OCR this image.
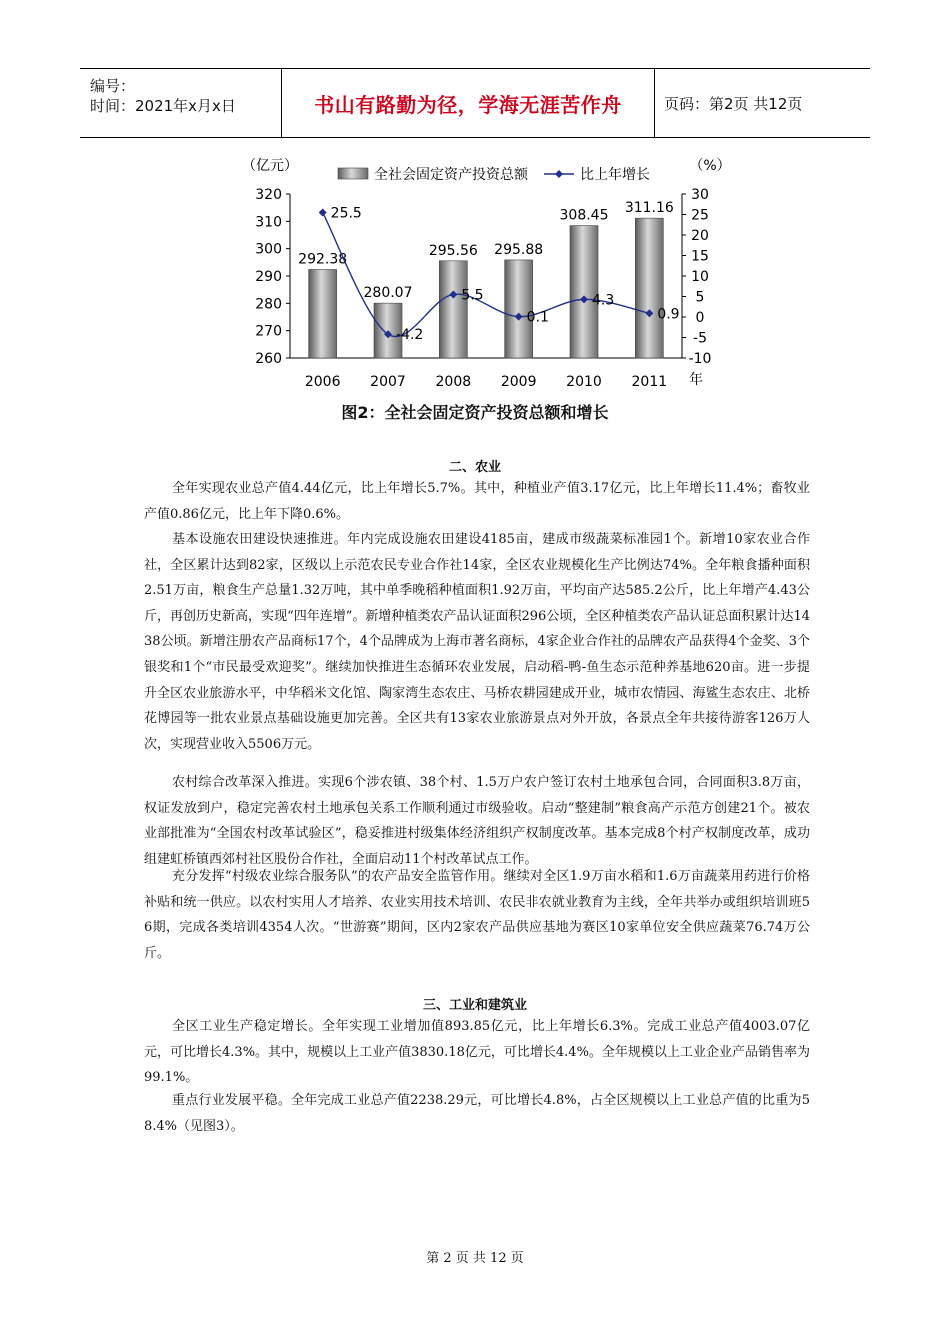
编号：
时间：2021年x月x日	书山有路勤为径，学海无涯苦作舟	页码：第2页 共12页
260
270
280
290
300
310
320
-10
-5
0
5
10
15
20
25
30
（亿元）	（%）
292.38
280.07
295.56 295.88
308.45 311.16
2006 2007 2008 2009 2010 2011 年
25.5
-4.2
5.5
0.1
4.3
0.9
全社会固定资产投资总额	比上年增长
图2：全社会固定资产投资总额和增长
二、农业
全年实现农业总产值4.44亿元，比上年增长5.7%。其中，种植业产值3.17亿元，比上年增长11.4%；畜牧业产值0.86亿元，比上年下降0.6%。
基本设施农田建设快速推进。年内完成设施农田建设4185亩，建成市级蔬菜标准园1个。新增10家农业合作社，全区累计达到82家，区级以上示范农民专业合作社14家，全区农业规模化生产比例达74%。全年粮食播种面积2.51万亩，粮食生产总量1.32万吨，其中单季晚稻种植面积1.92万亩，平均亩产达585.2公斤，比上年增产4.43公斤，再创历史新高，实现“四年连增”。新增种植类农产品认证面积296公顷，全区种植类农产品认证总面积累计达1438公顷。新增注册农产品商标17个，4个品牌成为上海市著名商标，4家企业合作社的品牌农产品获得4个金奖、3个银奖和1个“市民最受欢迎奖”。继续加快推进生态循环农业发展，启动稻-鸭-鱼生态示范种养基地620亩。进一步提升全区农业旅游水平，中华稻米文化馆、陶家湾生态农庄、马桥农耕园建成开业，城市农情园、海鲨生态农庄、北桥花博园等一批农业景点基础设施更加完善。全区共有13家农业旅游景点对外开放，各景点全年共接待游客126万人次，实现营业收入5506万元。
农村综合改革深入推进。实现6个涉农镇、38个村、1.5万户农户签订农村土地承包合同，合同面积3.8万亩，权证发放到户，稳定完善农村土地承包关系工作顺利通过市级验收。启动“整建制”粮食高产示范方创建21个。被农业部批准为“全国农村改革试验区”，稳妥推进村级集体经济组织产权制度改革。基本完成8个村产权制度改革，成功组建虹桥镇西郊村社区股份合作社，全面启动11个村改革试点工作。
充分发挥“村级农业综合服务队”的农产品安全监管作用。继续对全区1.9万亩水稻和1.6万亩蔬菜用药进行价格补贴和统一供应。以农村实用人才培养、农业实用技术培训、农民非农就业教育为主线，全年共举办或组织培训班56期，完成各类培训4354人次。“世游赛”期间，区内2家农产品供应基地为赛区10家单位安全供应蔬菜76.74万公斤。
三、工业和建筑业
全区工业生产稳定增长。全年实现工业增加值893.85亿元，比上年增长6.3%。完成工业总产值4003.07亿元，可比增长4.3%。其中，规模以上工业产值3830.18亿元，可比增长4.4%。全年规模以上工业企业产品销售率为99.1%。
重点行业发展平稳。全年完成工业总产值2238.29元，可比增长4.8%，占全区规模以上工业总产值的比重为58.4%（见图3）。
第 2 页 共 12 页
